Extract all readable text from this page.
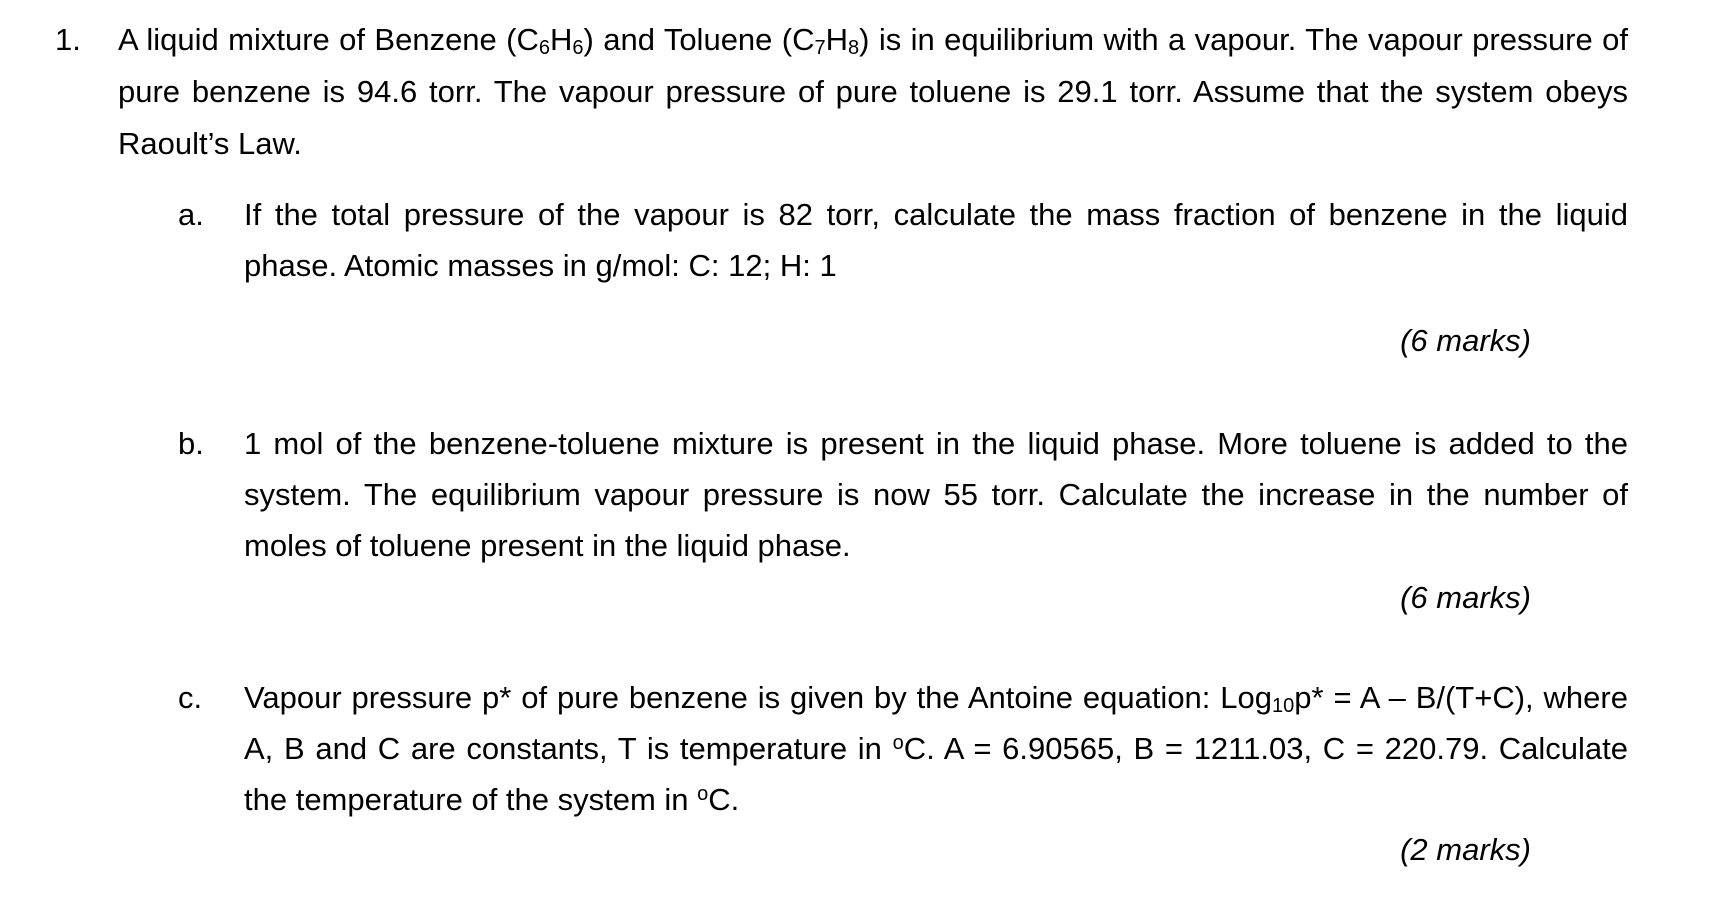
1. A liquid mixture of Benzene $(C_6H_6)$ and Toluene $(C_7H_8)$ is in equilibrium with a vapour. The vapour pressure of pure benzene is 94.6 torr. The vapour pressure of pure toluene is 29.1 torr. Assume that the system obeys Raoult’s Law.
a. If the total pressure of the vapour is 82 torr, calculate the mass fraction of benzene in the liquid phase. Atomic masses in g/mol: C: 12; H: 1
(6 marks)
b. 1 mol of the benzene-toluene mixture is present in the liquid phase. More toluene is added to the system. The equilibrium vapour pressure is now 55 torr. Calculate the increase in the number of moles of toluene present in the liquid phase.
(6 marks)
c. Vapour pressure p* of pure benzene is given by the Antoine equation: Log$_{10}$p* = A – B/(T+C), where A, B and C are constants, T is temperature in $^o$C. A = 6.90565, B = 1211.03, C = 220.79. Calculate the temperature of the system in $^o$C.
(2 marks)
